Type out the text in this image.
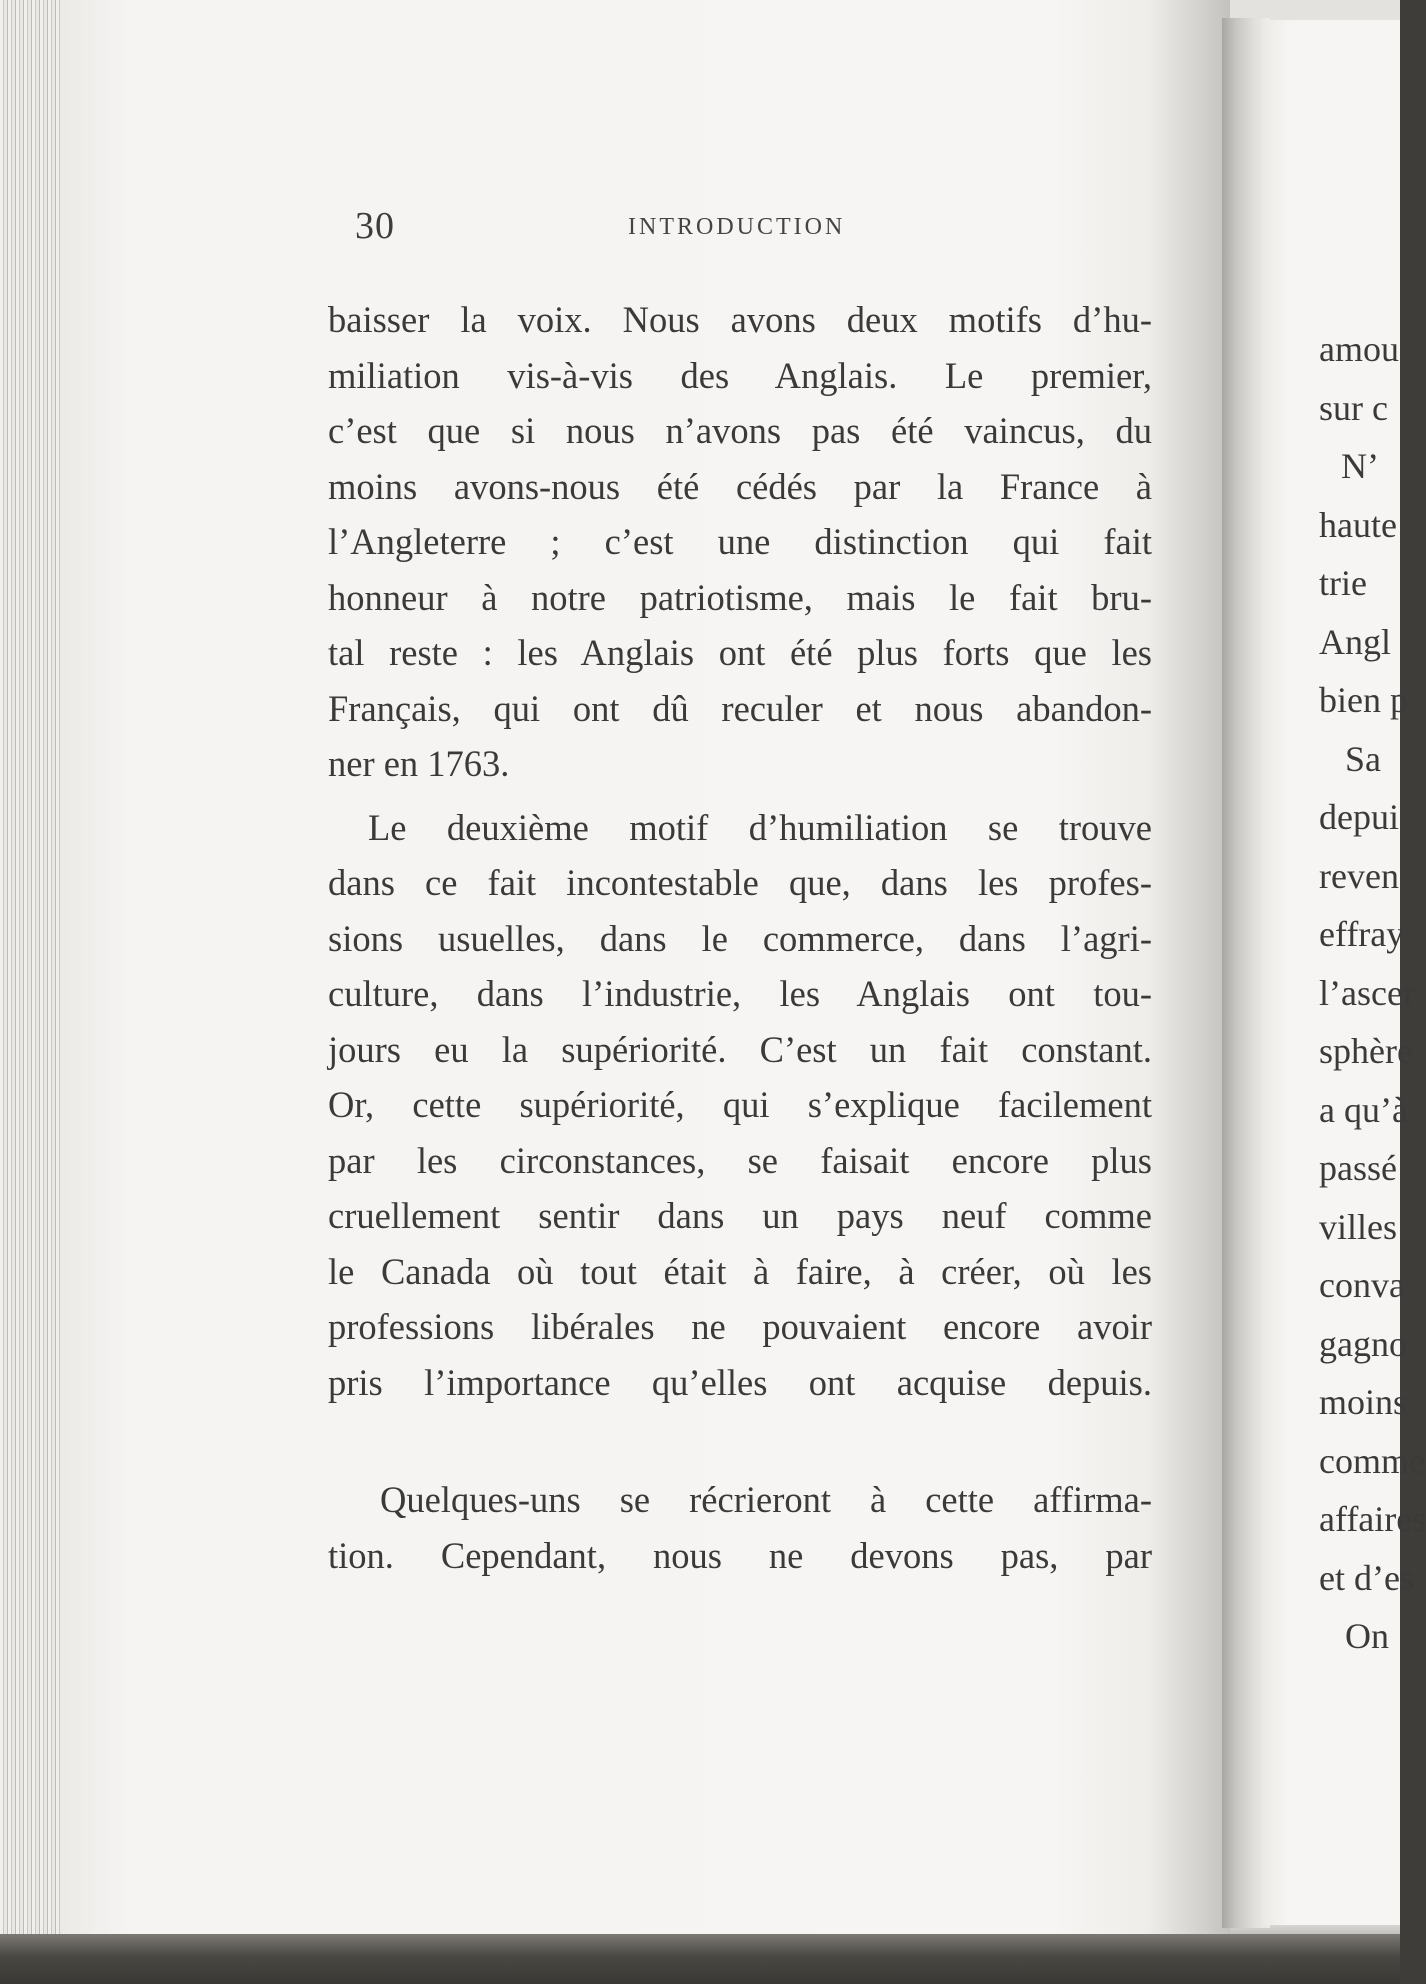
amou
sur c
N’
haute
trie
Angl
bien p
Sa
depui
reven
effray
l’ascer
sphère
a qu’à
passé
villes
conva
gagno
moins
comme
affaires
et d’es
On
30	INTRODUCTION
baisser la voix. Nous avons deux motifs d’hu-
miliation vis-à-vis des Anglais. Le premier,
c’est que si nous n’avons pas été vaincus, du
moins avons-nous été cédés par la France à
l’Angleterre ; c’est une distinction qui fait
honneur à notre patriotisme, mais le fait bru-
tal reste : les Anglais ont été plus forts que les
Français, qui ont dû reculer et nous abandon-
ner en 1763.
Le deuxième motif d’humiliation se trouve
dans ce fait incontestable que, dans les profes-
sions usuelles, dans le commerce, dans l’agri-
culture, dans l’industrie, les Anglais ont tou-
jours eu la supériorité. C’est un fait constant.
Or, cette supériorité, qui s’explique facilement
par les circonstances, se faisait encore plus
cruellement sentir dans un pays neuf comme
le Canada où tout était à faire, à créer, où les
professions libérales ne pouvaient encore avoir
pris l’importance qu’elles ont acquise depuis.
Quelques-uns se récrieront à cette affirma-
tion. Cependant, nous ne devons pas, par
